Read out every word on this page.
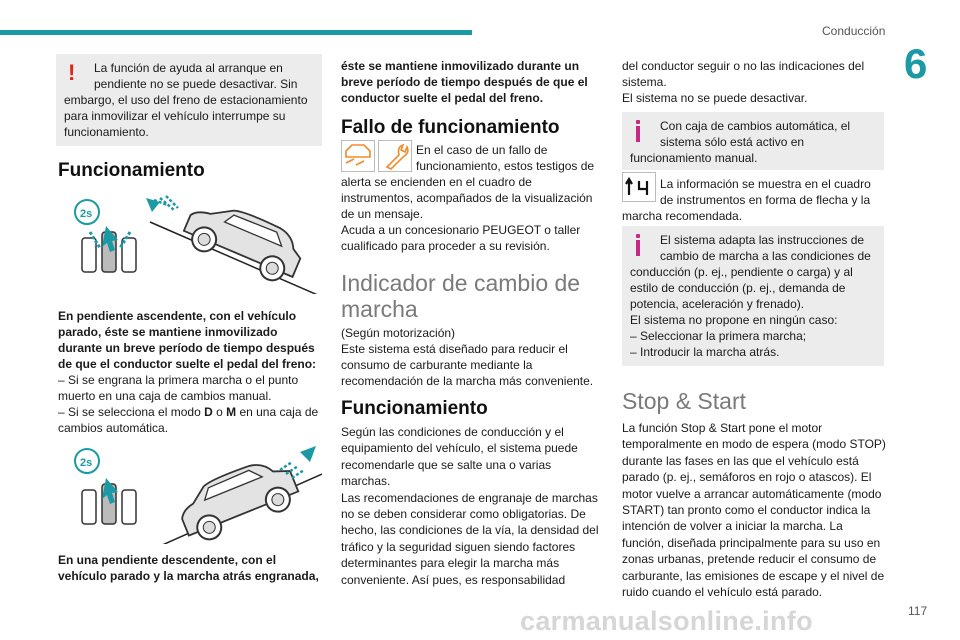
Conducción
6
!	La función de ayuda al arranque en
pendiente no se puede desactivar. Sin
embargo, el uso del freno de estacionamiento
para inmovilizar el vehículo interrumpe su
funcionamiento.
Funcionamiento
2s
En pendiente ascendente, con el vehículo parado, éste se mantiene inmovilizado durante un breve período de tiempo después de que el conductor suelte el pedal del freno:
– Si se engrana la primera marcha o el punto muerto en una caja de cambios manual.
– Si se selecciona el modo D o M en una caja de cambios automática.
2s
En una pendiente descendente, con el vehículo parado y la marcha atrás engranada,
éste se mantiene inmovilizado durante un breve período de tiempo después de que el conductor suelte el pedal del freno.
Fallo de funcionamiento
En el caso de un fallo de
funcionamiento, estos testigos de
alerta se encienden en el cuadro de instrumentos, acompañados de la visualización de un mensaje.
Acuda a un concesionario PEUGEOT o taller cualificado para proceder a su revisión.
Indicador de cambio de marcha
(Según motorización)
Este sistema está diseñado para reducir el consumo de carburante mediante la recomendación de la marcha más conveniente.
Funcionamiento
Según las condiciones de conducción y el equipamiento del vehículo, el sistema puede recomendarle que se salte una o varias marchas.
Las recomendaciones de engranaje de marchas no se deben considerar como obligatorias. De hecho, las condiciones de la vía, la densidad del tráfico y la seguridad siguen siendo factores determinantes para elegir la marcha más conveniente. Así pues, es responsabilidad
del conductor seguir o no las indicaciones del sistema.
El sistema no se puede desactivar.
Con caja de cambios automática, el
sistema sólo está activo en
funcionamiento manual.
La información se muestra en el cuadro
de instrumentos en forma de flecha y la
marcha recomendada.
El sistema adapta las instrucciones de
cambio de marcha a las condiciones de
conducción (p. ej., pendiente o carga) y al estilo de conducción (p. ej., demanda de potencia, aceleración y frenado).
El sistema no propone en ningún caso:
– Seleccionar la primera marcha;
– Introducir la marcha atrás.
Stop & Start
La función Stop & Start pone el motor temporalmente en modo de espera (modo STOP) durante las fases en las que el vehículo está parado (p. ej., semáforos en rojo o atascos). El motor vuelve a arrancar automáticamente (modo START) tan pronto como el conductor indica la intención de volver a iniciar la marcha. La función, diseñada principalmente para su uso en zonas urbanas, pretende reducir el consumo de carburante, las emisiones de escape y el nivel de ruido cuando el vehículo está parado.
carmanualsonline.info	117
